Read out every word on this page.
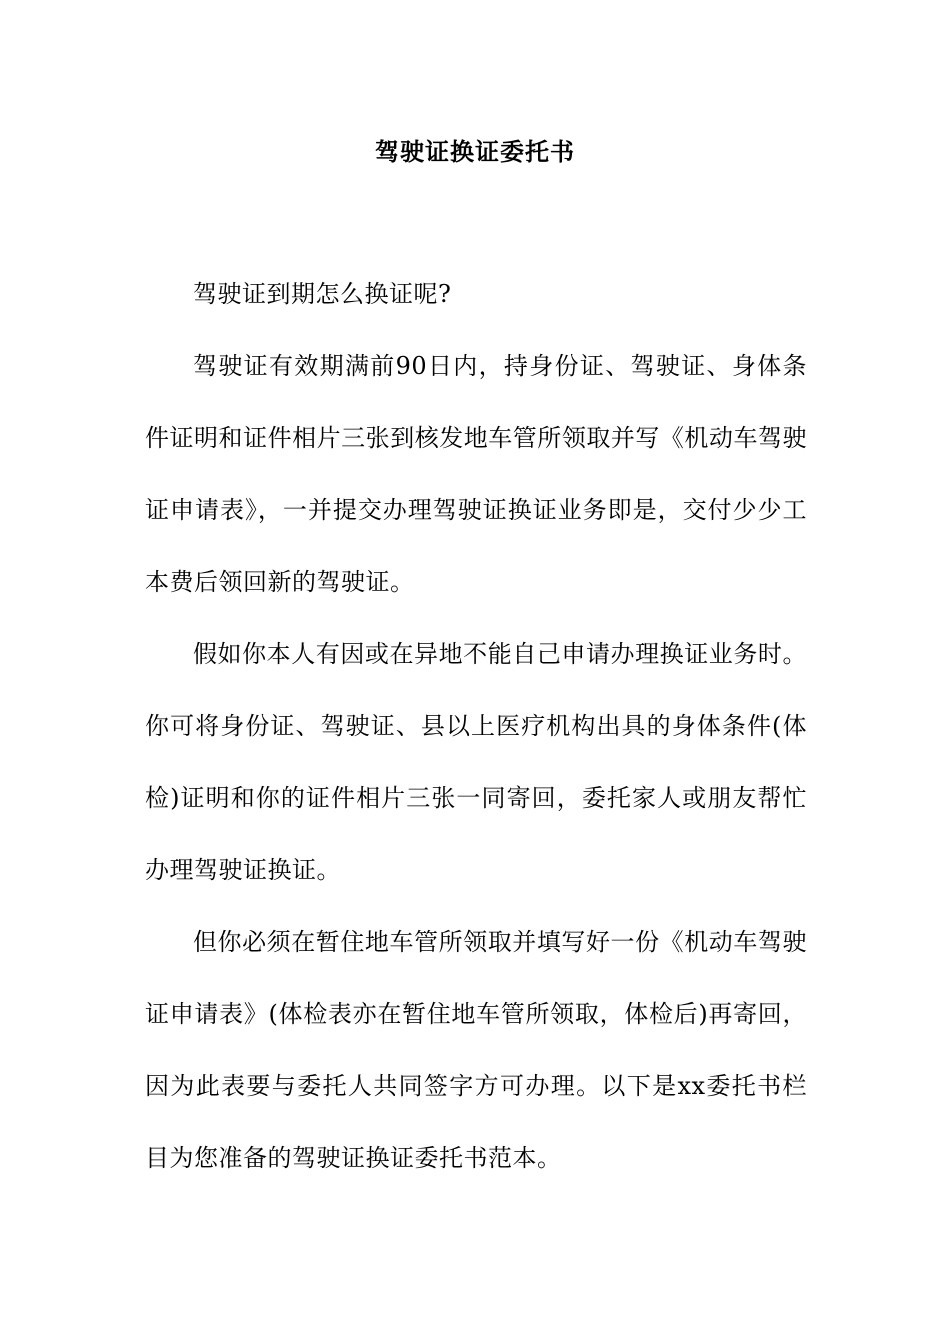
驾驶证换证委托书

驾驶证到期怎么换证呢?

驾驶证有效期满前90日内，持身份证、驾驶证、身体条件证明和证件相片三张到核发地车管所领取并写《机动车驾驶证申请表》，一并提交办理驾驶证换证业务即是，交付少少工本费后领回新的驾驶证。

假如你本人有因或在异地不能自己申请办理换证业务时。你可将身份证、驾驶证、县以上医疗机构出具的身体条件(体检)证明和你的证件相片三张一同寄回，委托家人或朋友帮忙办理驾驶证换证。

但你必须在暂住地车管所领取并填写好一份《机动车驾驶证申请表》(体检表亦在暂住地车管所领取，体检后)再寄回，因为此表要与委托人共同签字方可办理。以下是xx委托书栏目为您准备的驾驶证换证委托书范本。
